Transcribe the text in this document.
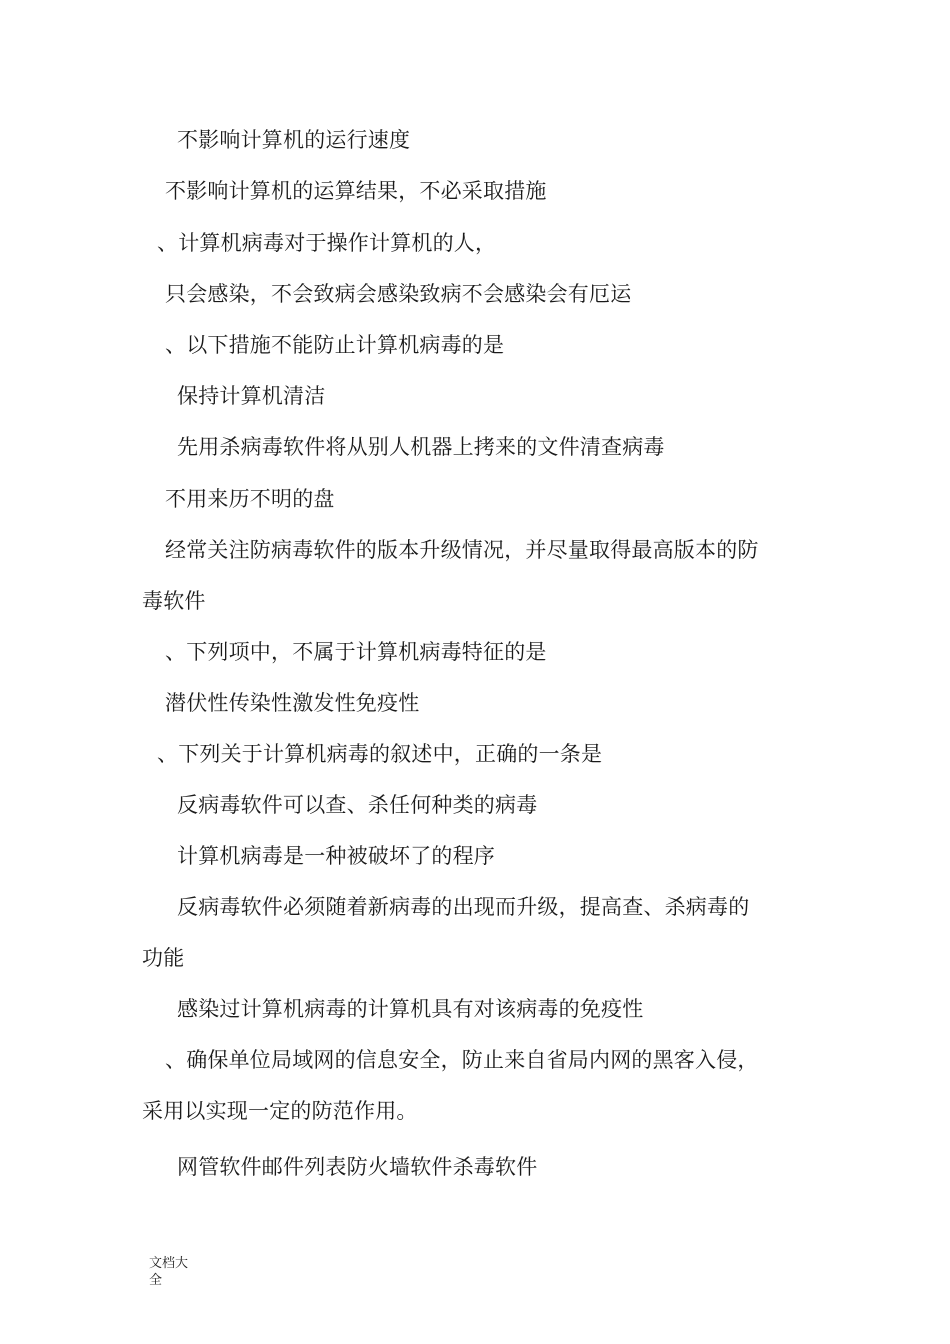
不影响计算机的运行速度
不影响计算机的运算结果，不必采取措施
、计算机病毒对于操作计算机的人，
只会感染，不会致病会感染致病不会感染会有厄运
、以下措施不能防止计算机病毒的是
保持计算机清洁
先用杀病毒软件将从别人机器上拷来的文件清查病毒
不用来历不明的盘
经常关注防病毒软件的版本升级情况，并尽量取得最高版本的防
毒软件
、下列项中，不属于计算机病毒特征的是
潜伏性传染性激发性免疫性
、下列关于计算机病毒的叙述中，正确的一条是
反病毒软件可以查、杀任何种类的病毒
计算机病毒是一种被破坏了的程序
反病毒软件必须随着新病毒的出现而升级，提高查、杀病毒的
功能
感染过计算机病毒的计算机具有对该病毒的免疫性
、确保单位局域网的信息安全，防止来自省局内网的黑客入侵，
采用以实现一定的防范作用。
网管软件邮件列表防火墙软件杀毒软件
文档大全
